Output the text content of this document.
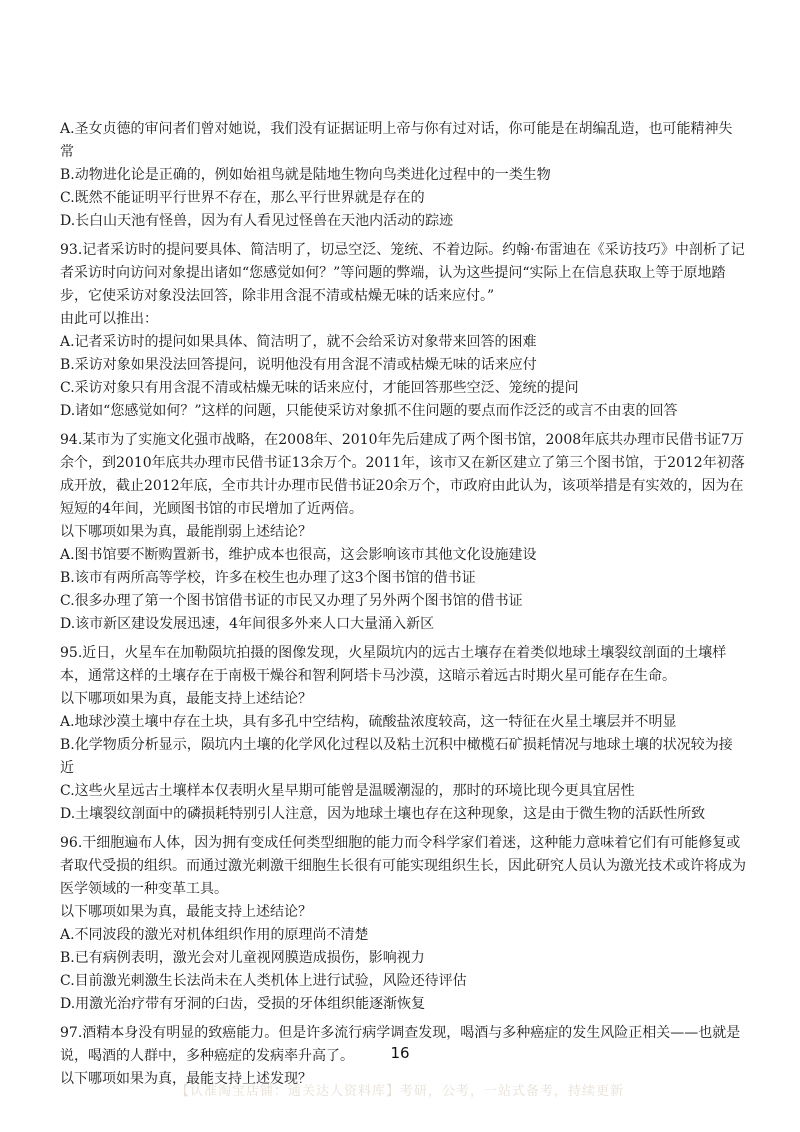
A.圣女贞德的审问者们曾对她说，我们没有证据证明上帝与你有过对话，你可能是在胡编乱造，也可能精神失常

B.动物进化论是正确的，例如始祖鸟就是陆地生物向鸟类进化过程中的一类生物

C.既然不能证明平行世界不存在，那么平行世界就是存在的

D.长白山天池有怪兽，因为有人看见过怪兽在天池内活动的踪迹

93.记者采访时的提问要具体、简洁明了，切忌空泛、笼统、不着边际。约翰·布雷迪在《采访技巧》中剖析了记者采访时向访问对象提出诸如“您感觉如何？”等问题的弊端，认为这些提问“实际上在信息获取上等于原地踏步，它使采访对象没法回答，除非用含混不清或枯燥无味的话来应付。”

由此可以推出：

A.记者采访时的提问如果具体、简洁明了，就不会给采访对象带来回答的困难

B.采访对象如果没法回答提问，说明他没有用含混不清或枯燥无味的话来应付

C.采访对象只有用含混不清或枯燥无味的话来应付，才能回答那些空泛、笼统的提问

D.诸如“您感觉如何？”这样的问题，只能使采访对象抓不住问题的要点而作泛泛的或言不由衷的回答

94.某市为了实施文化强市战略，在2008年、2010年先后建成了两个图书馆，2008年底共办理市民借书证7万余个，到2010年底共办理市民借书证13余万个。2011年，该市又在新区建立了第三个图书馆，于2012年初落成开放，截止2012年底，全市共计办理市民借书证20余万个，市政府由此认为，该项举措是有实效的，因为在短短的4年间，光顾图书馆的市民增加了近两倍。

以下哪项如果为真，最能削弱上述结论？

A.图书馆要不断购置新书，维护成本也很高，这会影响该市其他文化设施建设

B.该市有两所高等学校，许多在校生也办理了这3个图书馆的借书证

C.很多办理了第一个图书馆借书证的市民又办理了另外两个图书馆的借书证

D.该市新区建设发展迅速，4年间很多外来人口大量涌入新区

95.近日，火星车在加勒陨坑拍摄的图像发现，火星陨坑内的远古土壤存在着类似地球土壤裂纹剖面的土壤样本，通常这样的土壤存在于南极干燥谷和智利阿塔卡马沙漠，这暗示着远古时期火星可能存在生命。

以下哪项如果为真，最能支持上述结论？

A.地球沙漠土壤中存在土块，具有多孔中空结构，硫酸盐浓度较高，这一特征在火星土壤层并不明显

B.化学物质分析显示，陨坑内土壤的化学风化过程以及粘土沉积中橄榄石矿损耗情况与地球土壤的状况较为接近

C.这些火星远古土壤样本仅表明火星早期可能曾是温暖潮湿的，那时的环境比现今更具宜居性

D.土壤裂纹剖面中的磷损耗特别引人注意，因为地球土壤也存在这种现象，这是由于微生物的活跃性所致

96.干细胞遍布人体，因为拥有变成任何类型细胞的能力而令科学家们着迷，这种能力意味着它们有可能修复或者取代受损的组织。而通过激光刺激干细胞生长很有可能实现组织生长，因此研究人员认为激光技术或许将成为医学领域的一种变革工具。

以下哪项如果为真，最能支持上述结论？

A.不同波段的激光对机体组织作用的原理尚不清楚

B.已有病例表明，激光会对儿童视网膜造成损伤，影响视力

C.目前激光刺激生长法尚未在人类机体上进行试验，风险还待评估

D.用激光治疗带有牙洞的臼齿，受损的牙体组织能逐渐恢复

97.酒精本身没有明显的致癌能力。但是许多流行病学调查发现，喝酒与多种癌症的发生风险正相关——也就是说，喝酒的人群中，多种癌症的发病率升高了。

以下哪项如果为真，最能支持上述发现？

16
【认准淘宝店铺：通关达人资料库】考研，公考，一站式备考，持续更新
